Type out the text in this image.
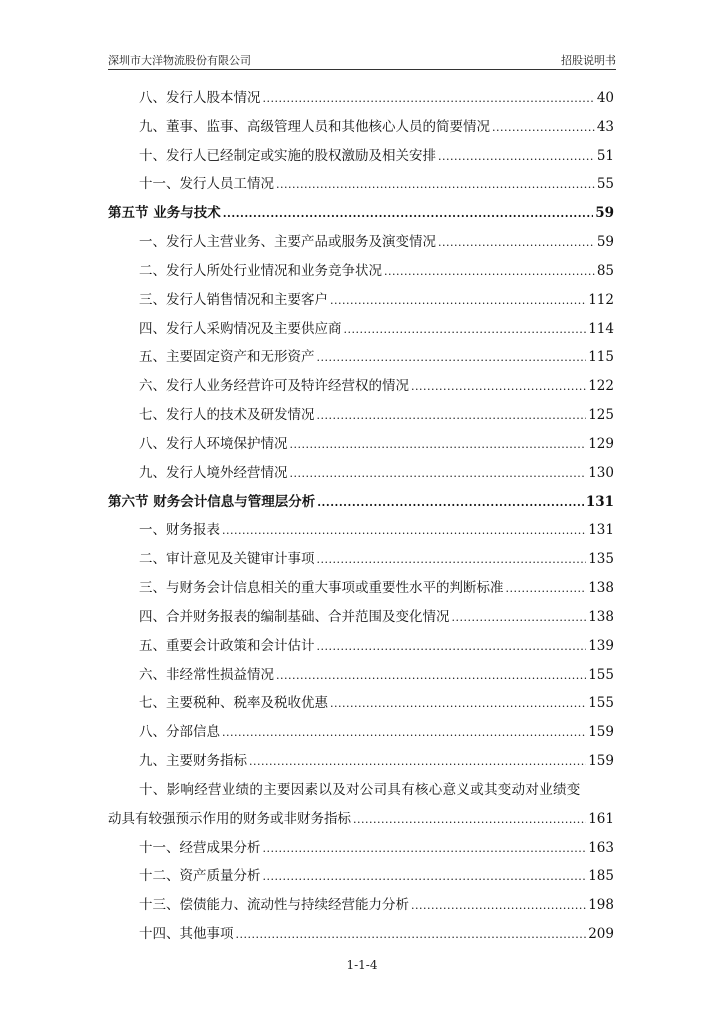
深圳市大洋物流股份有限公司	招股说明书
八、发行人股本情况 .....	40
九、董事、监事、高级管理人员和其他核心人员的简要情况 .....	43
十、发行人已经制定或实施的股权激励及相关安排 .....	51
十一、发行人员工情况 .....	55
第五节 业务与技术 .....	59
一、发行人主营业务、主要产品或服务及演变情况 .....	59
二、发行人所处行业情况和业务竞争状况 .....	85
三、发行人销售情况和主要客户 .....	112
四、发行人采购情况及主要供应商 .....	114
五、主要固定资产和无形资产 .....	115
六、发行人业务经营许可及特许经营权的情况 .....	122
七、发行人的技术及研发情况 .....	125
八、发行人环境保护情况 .....	129
九、发行人境外经营情况 .....	130
第六节 财务会计信息与管理层分析 .....	131
一、财务报表 .....	131
二、审计意见及关键审计事项 .....	135
三、与财务会计信息相关的重大事项或重要性水平的判断标准 .....	138
四、合并财务报表的编制基础、合并范围及变化情况 .....	138
五、重要会计政策和会计估计 .....	139
六、非经常性损益情况 .....	155
七、主要税种、税率及税收优惠 .....	155
八、分部信息 .....	159
九、主要财务指标 .....	159
十、影响经营业绩的主要因素以及对公司具有核心意义或其变动对业绩变
动具有较强预示作用的财务或非财务指标 .....	161
十一、经营成果分析 .....	163
十二、资产质量分析 .....	185
十三、偿债能力、流动性与持续经营能力分析 .....	198
十四、其他事项 .....	209
1-1-4
